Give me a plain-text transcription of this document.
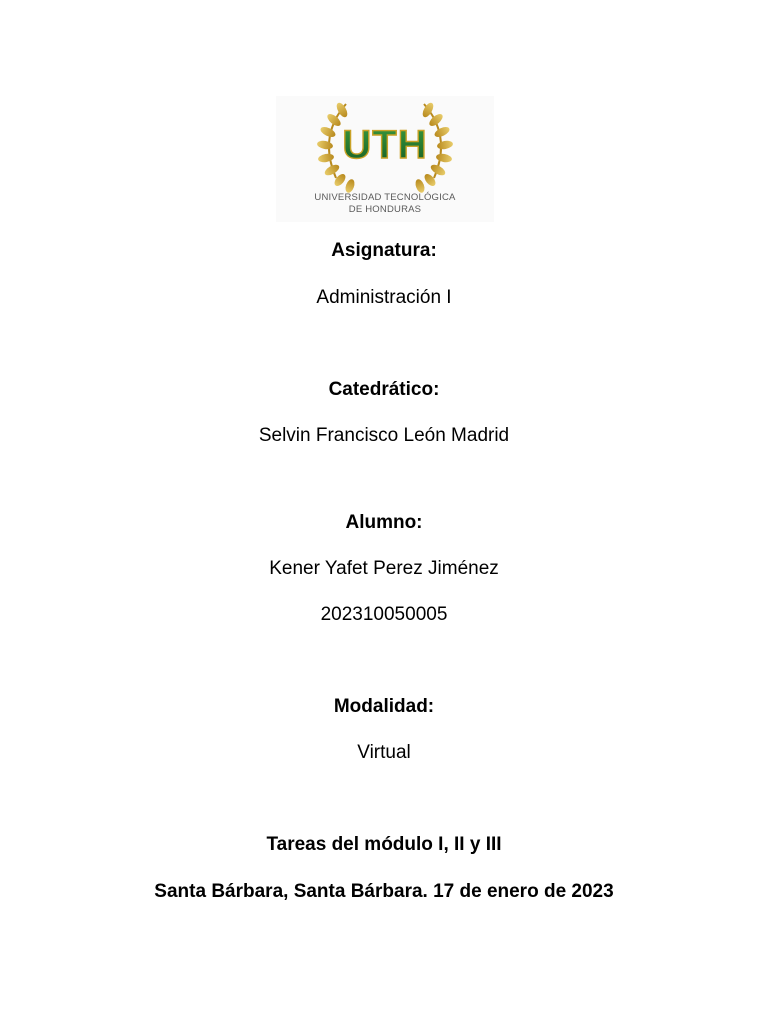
UTH
UNIVERSIDAD TECNOLÓGICA
DE HONDURAS
Asignatura:
Administración I
Catedrático:
Selvin Francisco León Madrid
Alumno:
Kener Yafet Perez Jiménez
202310050005
Modalidad:
Virtual
Tareas del módulo I, II y III
Santa Bárbara, Santa Bárbara. 17 de enero de 2023
